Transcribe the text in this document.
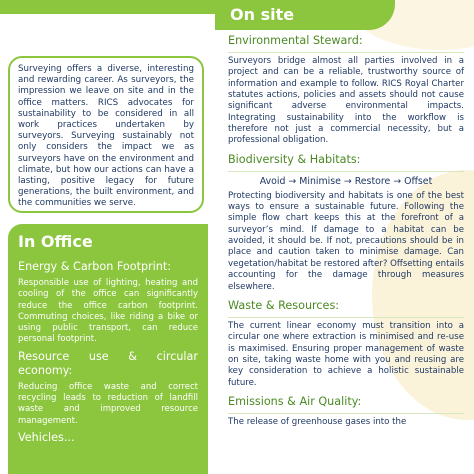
Surveying offers a diverse, interesting and rewarding career. As surveyors, the impression we leave on site and in the office matters. RICS advocates for sustainability to be considered in all work practices undertaken by surveyors. Surveying sustainably not only considers the impact we as surveyors have on the environment and climate, but how our actions can have a lasting, positive legacy for future generations, the built environment, and the communities we serve.

In Office
Energy & Carbon Footprint:

Responsible use of lighting, heating and cooling of the office can significantly reduce the office carbon footprint. Commuting choices, like riding a bike or using public transport, can reduce personal footprint.

Resource use & circular economy:

Reducing office waste and correct recycling leads to reduction of landfill waste and improved resource management.

Vehicles...
On site
Environmental Steward:

Surveyors bridge almost all parties involved in a project and can be a reliable, trustworthy source of information and example to follow. RICS Royal Charter statutes actions, policies and assets should not cause significant adverse environmental impacts. Integrating sustainability into the workflow is therefore not just a commercial necessity, but a professional obligation.

Biodiversity & Habitats:
Avoid → Minimise → Restore → Offset

Protecting biodiversity and habitats is one of the best ways to ensure a sustainable future. Following the simple flow chart keeps this at the forefront of a surveyor’s mind. If damage to a habitat can be avoided, it should be. If not, precautions should be in place and caution taken to minimise damage. Can vegetation/habitat be restored after? Offsetting entails accounting for the damage through measures elsewhere.

Waste & Resources:

The current linear economy must transition into a circular one where extraction is minimised and re-use is maximised. Ensuring proper management of waste on site, taking waste home with you and reusing are key consideration to achieve a holistic sustainable future.

Emissions & Air Quality:

The release of greenhouse gases into the
